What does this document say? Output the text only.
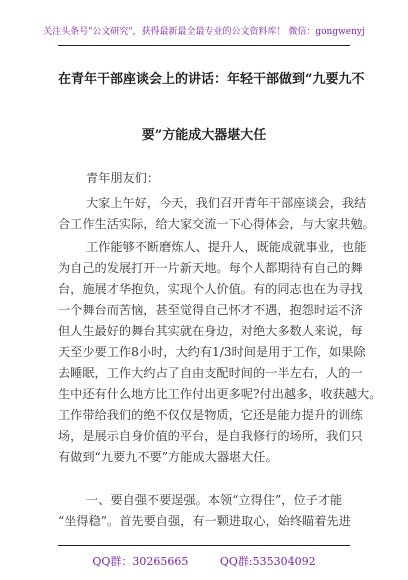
关注头条号"公文研究"，获得最新最全最专业的公文资料库！ 微信：gongwenyj
在青年干部座谈会上的讲话：年轻干部做到“九要九不
要”方能成大器堪大任
青年朋友们：
大家上午好，今天，我们召开青年干部座谈会，我结
合工作生活实际，给大家交流一下心得体会，与大家共勉。
工作能够不断磨炼人、提升人，既能成就事业，也能
为自己的发展打开一片新天地。每个人都期待有自己的舞
台，施展才华抱负，实现个人价值。有的同志也在为寻找
一个舞台而苦恼，甚至觉得自己怀才不遇，抱怨时运不济
但人生最好的舞台其实就在身边，对绝大多数人来说，每
天至少要工作8小时，大约有1/3时间是用于工作，如果除
去睡眠，工作大约占了自由支配时间的一半左右，人的一
生中还有什么地方比工作付出更多呢?付出越多，收获越大。
工作带给我们的绝不仅仅是物质，它还是能力提升的训练
场，是展示自身价值的平台，是自我修行的场所，我们只
有做到“九要九不要”方能成大器堪大任。
一、要自强不要逞强。本领“立得住”，位子才能
“坐得稳”。首先要自强，有一颗进取心，始终瞄着先进
QQ群：30265665	QQ群:535304092
